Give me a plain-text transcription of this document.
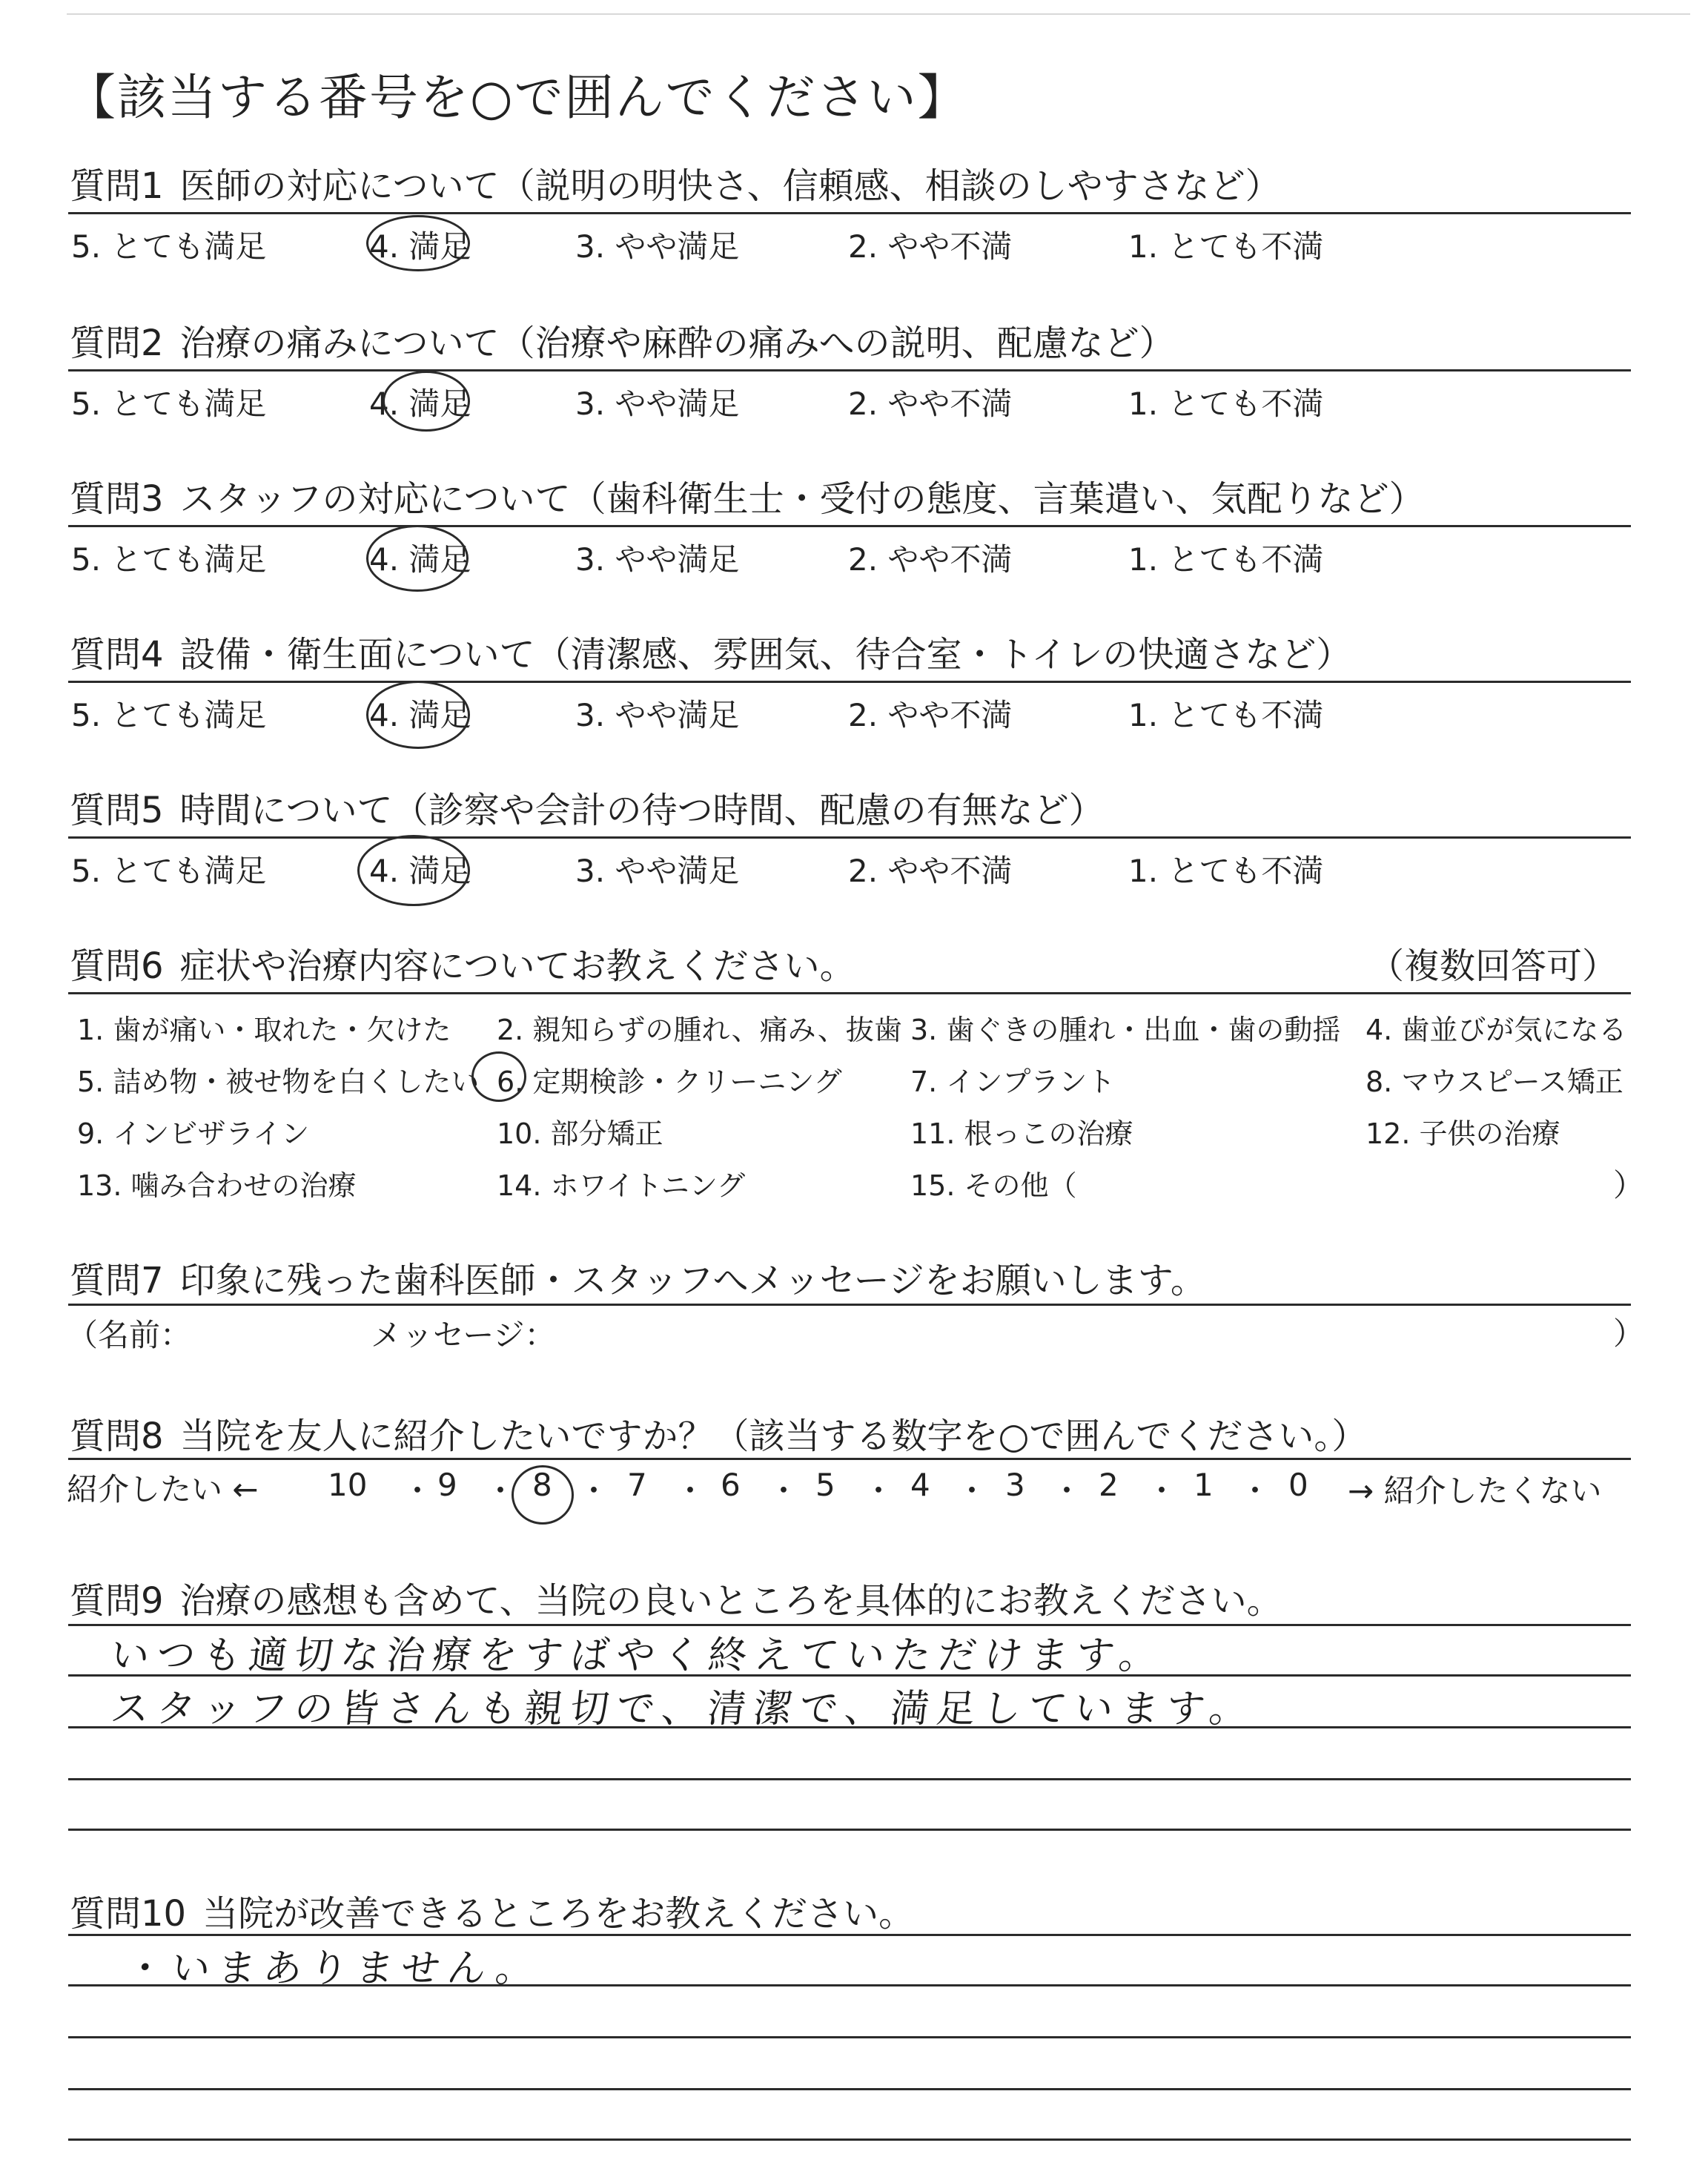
【該当する番号を○で囲んでください】
質問1 医師の対応について（説明の明快さ、信頼感、相談のしやすさなど）
5. とても満足	4. 満足	3. やや満足	2. やや不満	1. とても不満
質問2 治療の痛みについて（治療や麻酔の痛みへの説明、配慮など）
5. とても満足	4. 満足	3. やや満足	2. やや不満	1. とても不満
質問3 スタッフの対応について（歯科衛生士・受付の態度、言葉遣い、気配りなど）
5. とても満足	4. 満足	3. やや満足	2. やや不満	1. とても不満
質問4 設備・衛生面について（清潔感、雰囲気、待合室・トイレの快適さなど）
5. とても満足	4. 満足	3. やや満足	2. やや不満	1. とても不満
質問5 時間について（診察や会計の待つ時間、配慮の有無など）
5. とても満足	4. 満足	3. やや満足	2. やや不満	1. とても不満
質問6 症状や治療内容についてお教えください。	（複数回答可）
1. 歯が痛い・取れた・欠けた 2. 親知らずの腫れ、痛み、抜歯 3. 歯ぐきの腫れ・出血・歯の動揺 4. 歯並びが気になる
5. 詰め物・被せ物を白くしたい 6. 定期検診・クリーニング 7. インプラント	8. マウスピース矯正
9. インビザライン	10. 部分矯正	11. 根っこの治療	12. 子供の治療
13. 噛み合わせの治療	14. ホワイトニング	15. その他（	）
質問7 印象に残った歯科医師・スタッフへメッセージをお願いします。
（名前：	メッセージ：	）
質問8 当院を友人に紹介したいですか？（該当する数字を○で囲んでください。）
紹介したい ← 10 ・ 9 ・ 8 ・ 7 ・ 6 ・ 5 ・ 4 ・ 3 ・ 2 ・ 1 ・ 0 → 紹介したくない
質問9 治療の感想も含めて、当院の良いところを具体的にお教えください。
いつも適切な治療をすばやく終えていただけます。
スタッフの皆さんも親切で、清潔で、満足しています。
質問10 当院が改善できるところをお教えください。
・いまありません。
